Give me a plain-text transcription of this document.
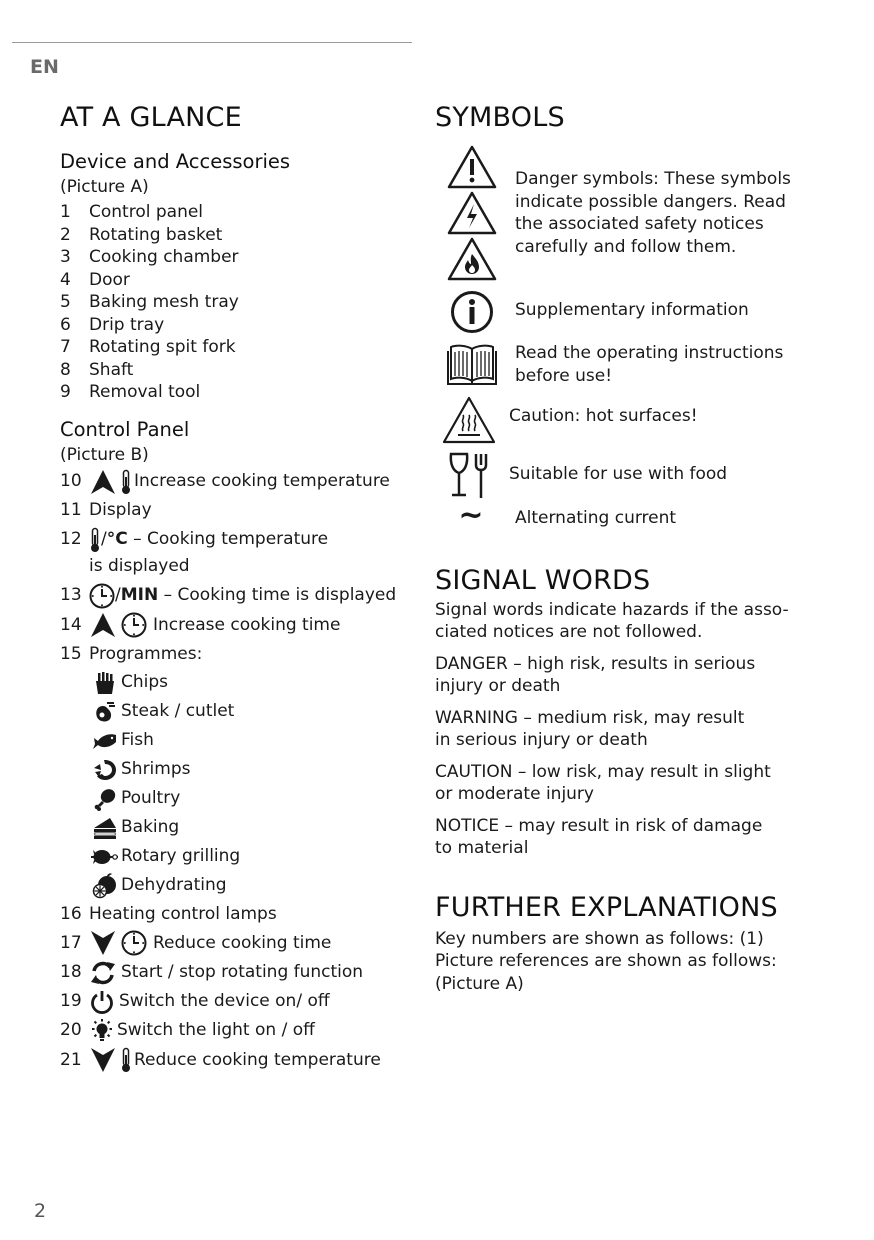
EN
AT A GLANCE
Device and Accessories
(Picture A)
1	Control panel
2	Rotating basket
3	Cooking chamber
4	Door
5	Baking mesh tray
6	Drip tray
7	Rotating spit fork
8	Shaft
9	Removal tool
Control Panel
(Picture B)
10	Increase cooking temperature
11 Display
12	/ °C – Cooking temperature
is displayed
13	/ MIN – Cooking time is displayed
14	Increase cooking time
15 Programmes:
Chips
Steak / cutlet
Fish
Shrimps
Poultry
Baking
Rotary grilling
Dehydrating
16 Heating control lamps
17	Reduce cooking time
18	Start / stop rotating function
19	Switch the device on/ off
20	Switch the light on / off
21	Reduce cooking temperature
SYMBOLS
Danger symbols: These symbols
indicate possible dangers. Read
the associated safety notices
carefully and follow them.
Supplementary information
Read the operating instructions
before use!
Caution: hot surfaces!
Suitable for use with food
~ Alternating current
SIGNAL WORDS

Signal words indicate hazards if the asso-

ciated notices are not followed.

DANGER – high risk, results in serious

injury or death

WARNING – medium risk, may result

in serious injury or death

CAUTION – low risk, may result in slight

or moderate injury

NOTICE – may result in risk of damage

to material

FURTHER EXPLANATIONS

Key numbers are shown as follows: (1)

Picture references are shown as follows:

(Picture A)

2
